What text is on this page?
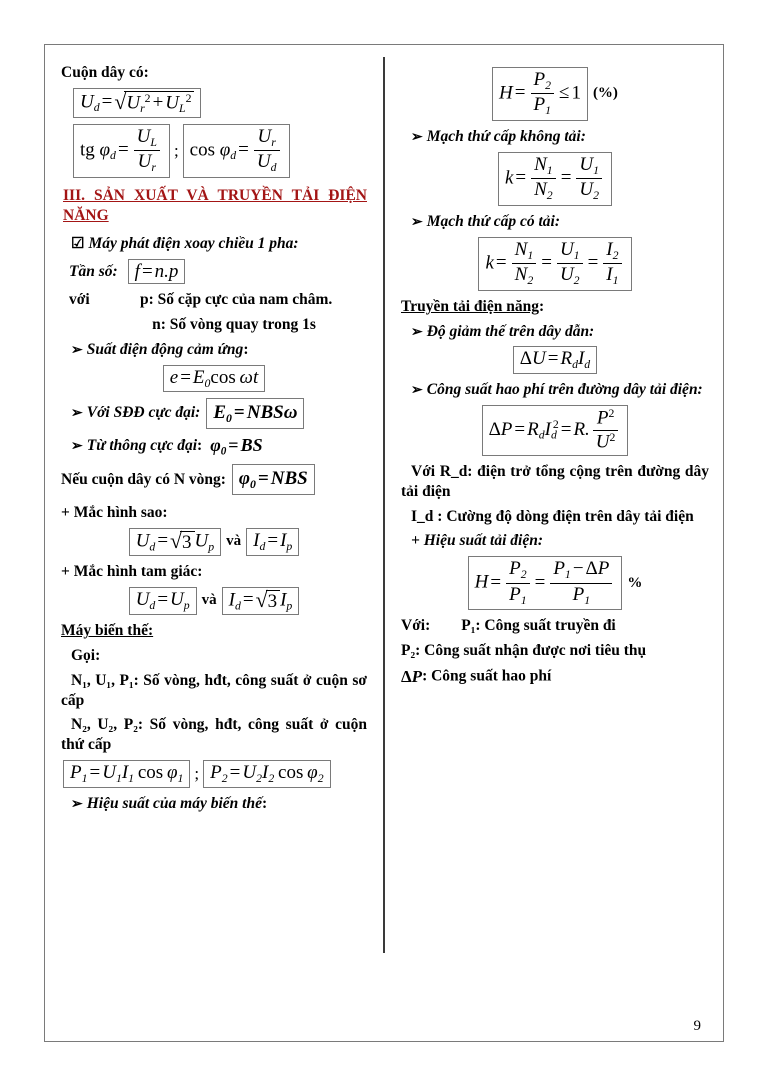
Cuộn dây có:
$U_d =√U_r^2 + U_L^2$
tg $\varphi_d = \frac{U_L}{U_r}$ ; $\cos \varphi_d = \frac{U_r}{U_d}$
III. SẢN XUẤT VÀ TRUYỀN TẢI ĐIỆN NĂNG
☑ Máy phát điện xoay chiều 1 pha:
Tần số: f = n.p
với	p: Số cặp cực của nam châm.
n: Số vòng quay trong 1s
➢ Suất điện động cảm ứng:
$e = E_0\cos$ ωt
➢ Với SĐĐ cực đại: $E_0 = NBS\omega$
➢ Từ thông cực đại: $\varphi_0$ = BS
Nếu cuộn dây có N vòng: $\varphi_0$ = NBS
+ Mắc hình sao:
$U_d =√3$ $U_p$ và $I_d = I_p$
+ Mắc hình tam giác:
$U_d = U_p$ và $I_d =√3$ $I_p$
Máy biến thế:
Gọi:
N₁, U₁, P₁: Số vòng, hđt, công suất ở cuộn sơ cấp
N₂, U₂, P₂: Số vòng, hđt, công suất ở cuộn thứ cấp
$P_1 = U_1I_1$  $\cos \varphi_1$ ; $P_2 = U_2I_2$  $\cos \varphi_2$
➢ Hiệu suất của máy biến thế:
$H = \frac{P_2}{P_1} \le 1$ (%)
➢ Mạch thứ cấp không tải:
$k = \frac{N_1}{N_2} = \frac{U_1}{U_2}$
➢ Mạch thứ cấp có tải:
$k = \frac{N_1}{N_2} = \frac{U_1}{U_2} = \frac{I_2}{I_1}$
Truyền tải điện năng:
➢ Độ giảm thế trên dây dẫn:
$\Delta U = R_dI_d$
➢ Công suất hao phí trên đường dây tải điện:
$\Delta P = R_dI_d^2 = R$. $\frac{P^2}{U^2}$
Với R_d: điện trở tổng cộng trên đường dây tải điện
I_d : Cường độ dòng điện trên dây tải điện
+ Hiệu suất tải điện:
$H = \frac{P_2}{P_1} = \frac{P_1 - \Delta P}{P_1}$ %
Với: P₁: Công suất truyền đi
P₂: Công suất nhận được nơi tiêu thụ
ΔP: Công suất hao phí
9
